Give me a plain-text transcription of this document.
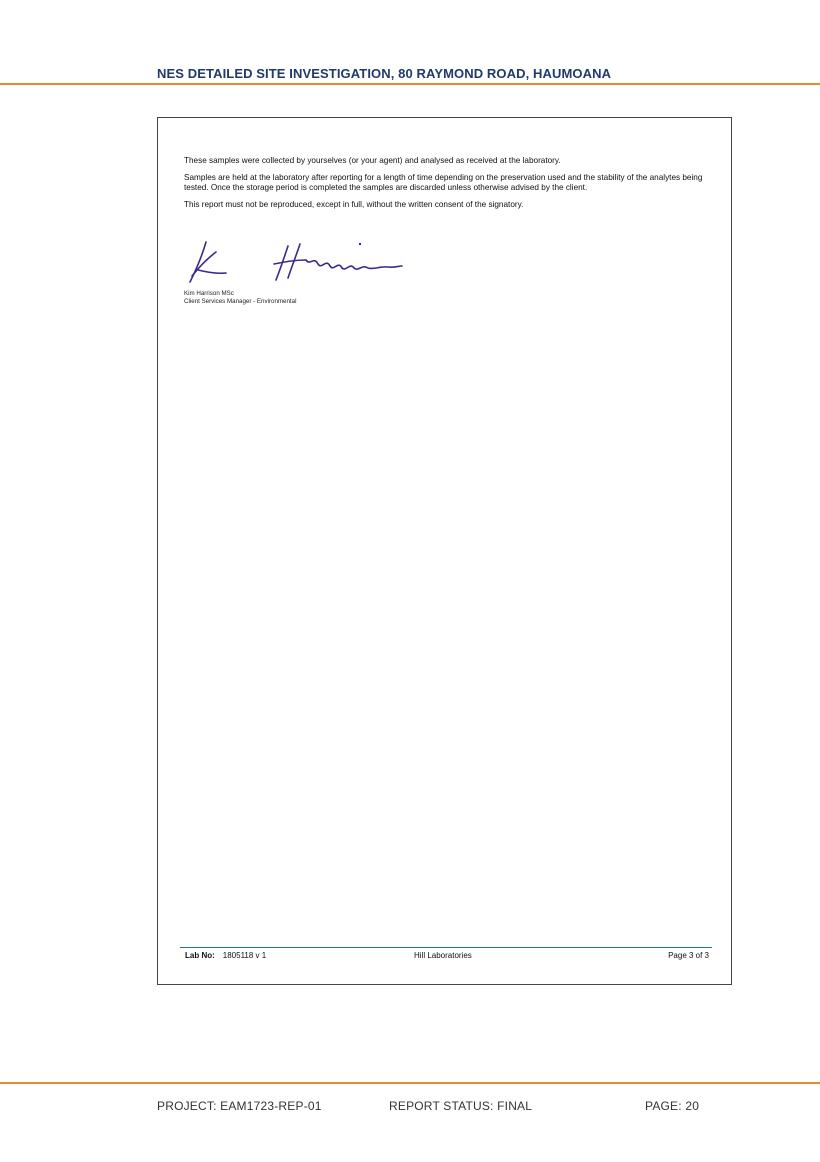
NES DETAILED SITE INVESTIGATION, 80 RAYMOND ROAD, HAUMOANA

These samples were collected by yourselves (or your agent) and analysed as received at the laboratory.

Samples are held at the laboratory after reporting for a length of time depending on the preservation used and the stability of the analytes being tested. Once the storage period is completed the samples are discarded unless otherwise advised by the client.

This report must not be reproduced, except in full, without the written consent of the signatory.

Kim Harrison MSc
Client Services Manager - Environmental
Lab No: 1805118 v 1	Hill Laboratories	Page 3 of 3
PROJECT: EAM1723-REP-01	REPORT STATUS: FINAL	PAGE: 20
